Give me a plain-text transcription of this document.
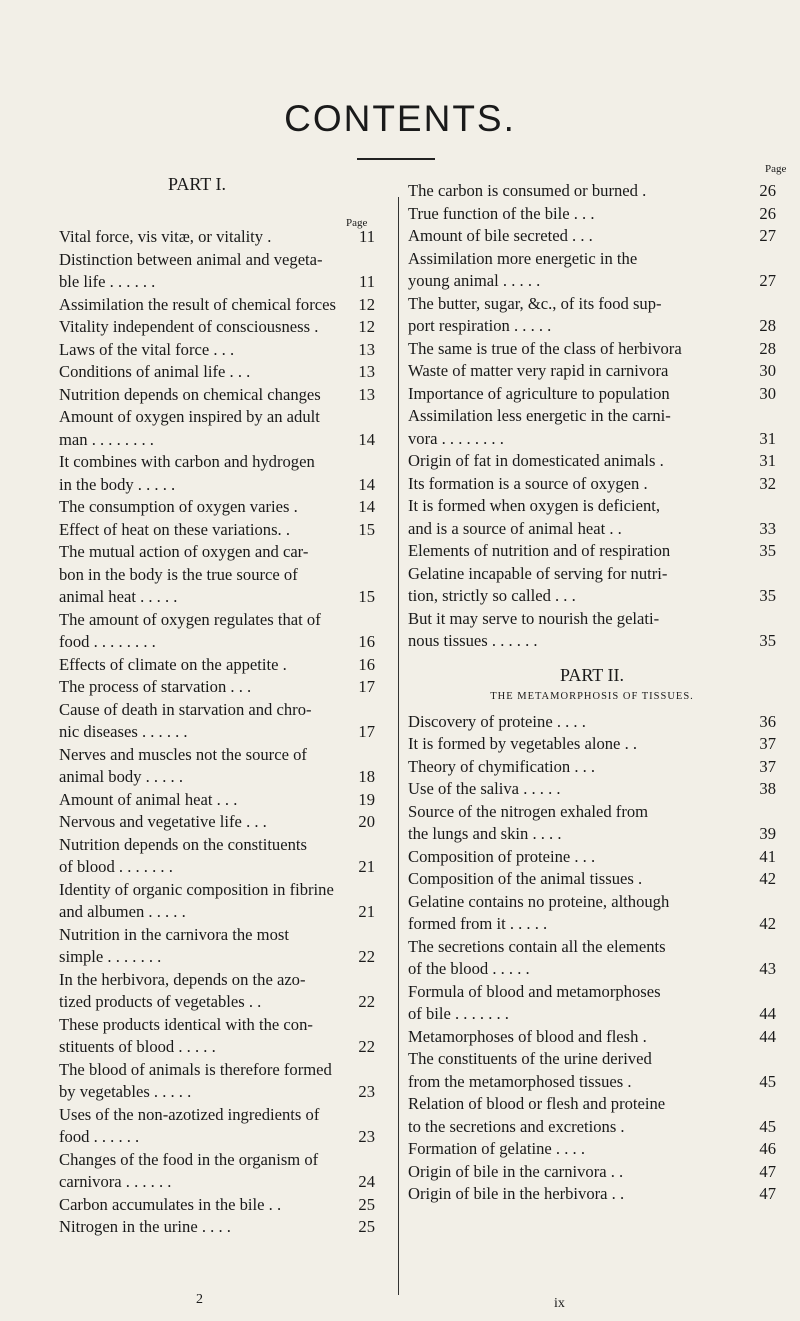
CONTENTS.
PART I.
Page
Page
Vital force, vis vitæ, or vitality .	11
Distinction between animal and vegeta-
ble life . . . . . .	11
Assimilation the result of chemical forces	12
Vitality independent of consciousness .	12
Laws of the vital force . . .	13
Conditions of animal life . . .	13
Nutrition depends on chemical changes	13
Amount of oxygen inspired by an adult
man . . . . . . . .	14
It combines with carbon and hydrogen
in the body . . . . .	14
The consumption of oxygen varies .	14
Effect of heat on these variations. .	15
The mutual action of oxygen and car-
bon in the body is the true source of
animal heat . . . . .	15
The amount of oxygen regulates that of
food . . . . . . . .	16
Effects of climate on the appetite .	16
The process of starvation . . .	17
Cause of death in starvation and chro-
nic diseases . . . . . .	17
Nerves and muscles not the source of
animal body . . . . .	18
Amount of animal heat . . .	19
Nervous and vegetative life . . .	20
Nutrition depends on the constituents
of blood . . . . . . .	21
Identity of organic composition in fibrine
and albumen . . . . .	21
Nutrition in the carnivora the most
simple . . . . . . .	22
In the herbivora, depends on the azo-
tized products of vegetables . .	22
These products identical with the con-
stituents of blood . . . . .	22
The blood of animals is therefore formed
by vegetables . . . . .	23
Uses of the non-azotized ingredients of
food . . . . . .	23
Changes of the food in the organism of
carnivora . . . . . .	24
Carbon accumulates in the bile . .	25
Nitrogen in the urine . . . .	25
The carbon is consumed or burned .	26
True function of the bile . . .	26
Amount of bile secreted . . .	27
Assimilation more energetic in the
young animal . . . . .	27
The butter, sugar, &c., of its food sup-
port respiration . . . . .	28
The same is true of the class of herbivora	28
Waste of matter very rapid in carnivora	30
Importance of agriculture to population	30
Assimilation less energetic in the carni-
vora . . . . . . . .	31
Origin of fat in domesticated animals .	31
Its formation is a source of oxygen .	32
It is formed when oxygen is deficient,
and is a source of animal heat . .	33
Elements of nutrition and of respiration	35
Gelatine incapable of serving for nutri-
tion, strictly so called . . .	35
But it may serve to nourish the gelati-
nous tissues . . . . . .	35
PART II.
THE METAMORPHOSIS OF TISSUES.
Discovery of proteine . . . .	36
It is formed by vegetables alone . .	37
Theory of chymification . . .	37
Use of the saliva . . . . .	38
Source of the nitrogen exhaled from
the lungs and skin . . . .	39
Composition of proteine . . .	41
Composition of the animal tissues .	42
Gelatine contains no proteine, although
formed from it . . . . .	42
The secretions contain all the elements
of the blood . . . . .	43
Formula of blood and metamorphoses
of bile . . . . . . .	44
Metamorphoses of blood and flesh .	44
The constituents of the urine derived
from the metamorphosed tissues .	45
Relation of blood or flesh and proteine
to the secretions and excretions .	45
Formation of gelatine . . . .	46
Origin of bile in the carnivora . .	47
Origin of bile in the herbivora . .	47
2	ix
